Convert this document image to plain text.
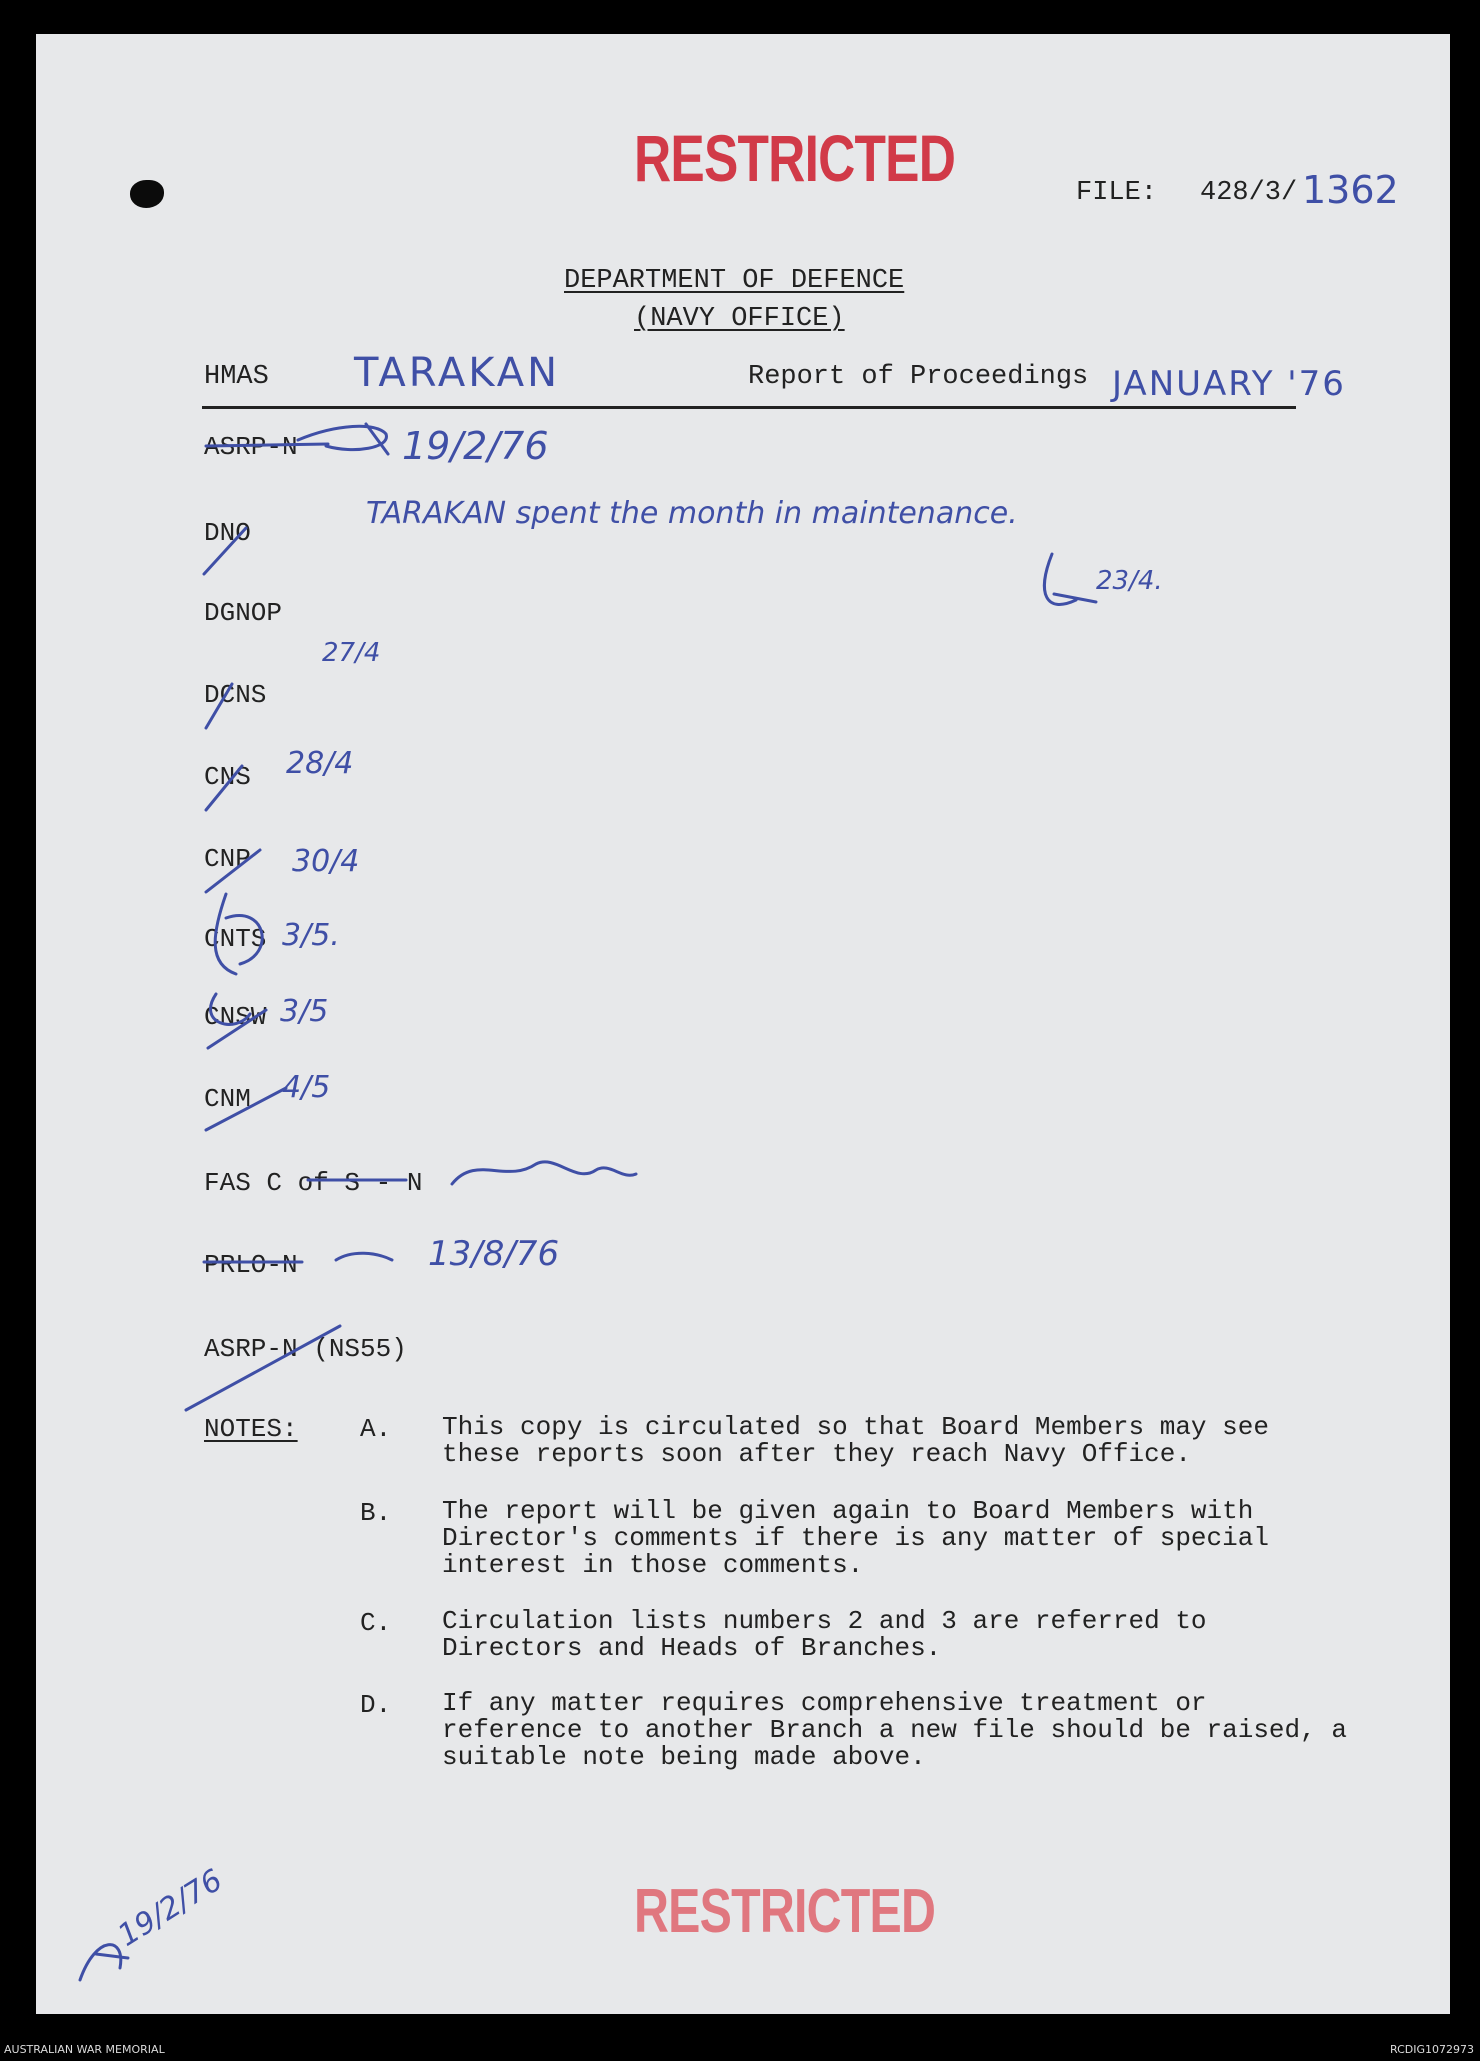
RESTRICTED	FILE: 428/3/ 1362
DEPARTMENT OF DEFENCE
(NAVY OFFICE)
HMAS TARAKAN	Report of Proceedings JANUARY '76
ASRP-N	19/2/76
DNO
TARAKAN spent the month in maintenance.
DGNOP
23/4.
DCNS
27/4
CNS 28/4
CNP 30/4
CNTS 3/5.
CNSW 3/5
CNM 4/5
FAS C of S - N
PRLO-N	13/8/76
ASRP-N (NS55)
NOTES: A. This copy is circulated so that Board Members may see these reports soon after they reach Navy Office.
B. The report will be given again to Board Members with Director's comments if there is any matter of special interest in those comments.
C. Circulation lists numbers 2 and 3 are referred to Directors and Heads of Branches.
D. If any matter requires comprehensive treatment or reference to another Branch a new file should be raised, a suitable note being made above.
RESTRICTED
19/2/76
AUSTRALIAN WAR MEMORIAL	RCDIG1072973
